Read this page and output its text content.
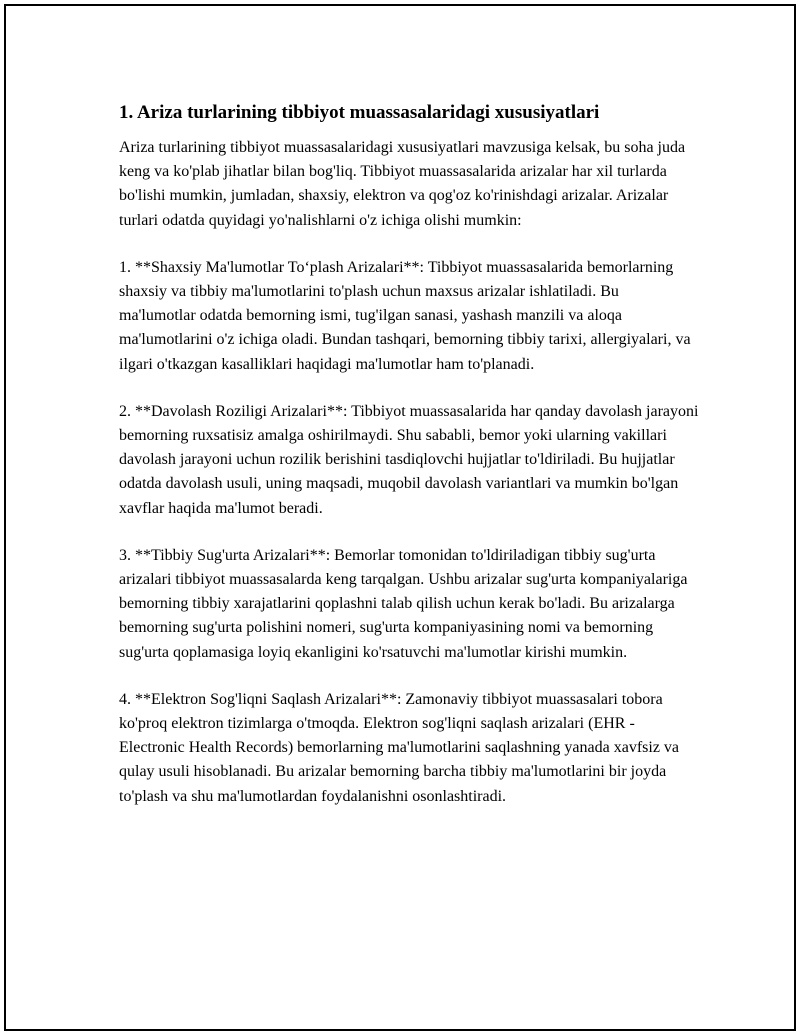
1. Ariza turlarining tibbiyot muassasalaridagi xususiyatlari

Ariza turlarining tibbiyot muassasalaridagi xususiyatlari mavzusiga kelsak, bu soha juda keng va ko'plab jihatlar bilan bog'liq. Tibbiyot muassasalarida arizalar har xil turlarda bo'lishi mumkin, jumladan, shaxsiy, elektron va qog'oz ko'rinishdagi arizalar. Arizalar turlari odatda quyidagi yo'nalishlarni o'z ichiga olishi mumkin:

1. **Shaxsiy Ma'lumotlar To‘plash Arizalari**: Tibbiyot muassasalarida bemorlarning shaxsiy va tibbiy ma'lumotlarini to'plash uchun maxsus arizalar ishlatiladi. Bu ma'lumotlar odatda bemorning ismi, tug'ilgan sanasi, yashash manzili va aloqa ma'lumotlarini o'z ichiga oladi. Bundan tashqari, bemorning tibbiy tarixi, allergiyalari, va ilgari o'tkazgan kasalliklari haqidagi ma'lumotlar ham to'planadi.

2. **Davolash Roziligi Arizalari**: Tibbiyot muassasalarida har qanday davolash jarayoni bemorning ruxsatisiz amalga oshirilmaydi. Shu sababli, bemor yoki ularning vakillari davolash jarayoni uchun rozilik berishini tasdiqlovchi hujjatlar to'ldiriladi. Bu hujjatlar odatda davolash usuli, uning maqsadi, muqobil davolash variantlari va mumkin bo'lgan xavflar haqida ma'lumot beradi.

3. **Tibbiy Sug'urta Arizalari**: Bemorlar tomonidan to'ldiriladigan tibbiy sug'urta arizalari tibbiyot muassasalarda keng tarqalgan. Ushbu arizalar sug'urta kompaniyalariga bemorning tibbiy xarajatlarini qoplashni talab qilish uchun kerak bo'ladi. Bu arizalarga bemorning sug'urta polishini nomeri, sug'urta kompaniyasining nomi va bemorning sug'urta qoplamasiga loyiq ekanligini ko'rsatuvchi ma'lumotlar kirishi mumkin.

4. **Elektron Sog'liqni Saqlash Arizalari**: Zamonaviy tibbiyot muassasalari tobora ko'proq elektron tizimlarga o'tmoqda. Elektron sog'liqni saqlash arizalari (EHR - Electronic Health Records) bemorlarning ma'lumotlarini saqlashning yanada xavfsiz va qulay usuli hisoblanadi. Bu arizalar bemorning barcha tibbiy ma'lumotlarini bir joyda to'plash va shu ma'lumotlardan foydalanishni osonlashtiradi.
